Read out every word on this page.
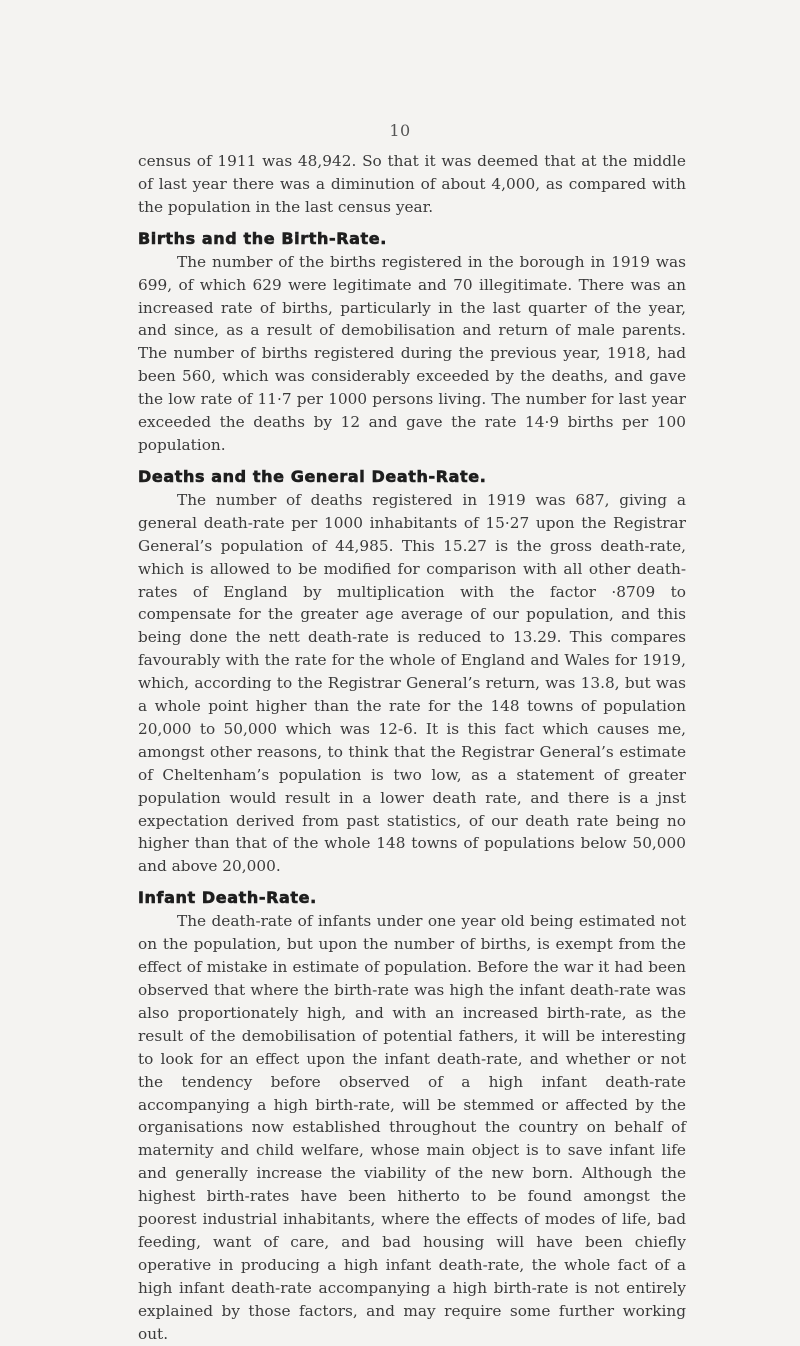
10

census of 1911 was 48,942. So that it was deemed that at the middle of last year there was a diminution of about 4,000, as compared with the population in the last census year.

Births and the Birth-Rate.

The number of the births registered in the borough in 1919 was 699, of which 629 were legitimate and 70 illegitimate. There was an increased rate of births, particularly in the last quarter of the year, and since, as a result of demobilisation and return of male parents. The number of births registered during the previous year, 1918, had been 560, which was considerably exceeded by the deaths, and gave the low rate of 11·7 per 1000 persons living. The number for last year exceeded the deaths by 12 and gave the rate 14·9 births per 100 population.

Deaths and the General Death-Rate.

The number of deaths registered in 1919 was 687, giving a general death-rate per 1000 inhabitants of 15·27 upon the Registrar General’s population of 44,985. This 15.27 is the gross death-rate, which is allowed to be modified for comparison with all other death-rates of England by multiplication with the factor ·8709 to compensate for the greater age average of our population, and this being done the nett death-rate is reduced to 13.29. This compares favourably with the rate for the whole of England and Wales for 1919, which, according to the Registrar General’s return, was 13.8, but was a whole point higher than the rate for the 148 towns of population 20,000 to 50,000 which was 12-6. It is this fact which causes me, amongst other reasons, to think that the Registrar General’s estimate of Cheltenham’s population is two low, as a statement of greater population would result in a lower death rate, and there is a jnst expectation derived from past statistics, of our death rate being no higher than that of the whole 148 towns of populations below 50,000 and above 20,000.

Infant Death-Rate.

The death-rate of infants under one year old being estimated not on the population, but upon the number of births, is exempt from the effect of mistake in estimate of population. Before the war it had been observed that where the birth-rate was high the infant death-rate was also proportionately high, and with an increased birth-rate, as the result of the demobilisation of potential fathers, it will be interesting to look for an effect upon the infant death-rate, and whether or not the tendency before observed of a high infant death-rate accompanying a high birth-rate, will be stemmed or affected by the organisations now established throughout the country on behalf of maternity and child welfare, whose main object is to save infant life and generally increase the viability of the new born. Although the highest birth-rates have been hitherto to be found amongst the poorest industrial inhabitants, where the effects of modes of life, bad feeding, want of care, and bad housing will have been chiefly operative in producing a high infant death-rate, the whole fact of a high infant death-rate accompanying a high birth-rate is not entirely explained by those factors, and may require some further working out.
